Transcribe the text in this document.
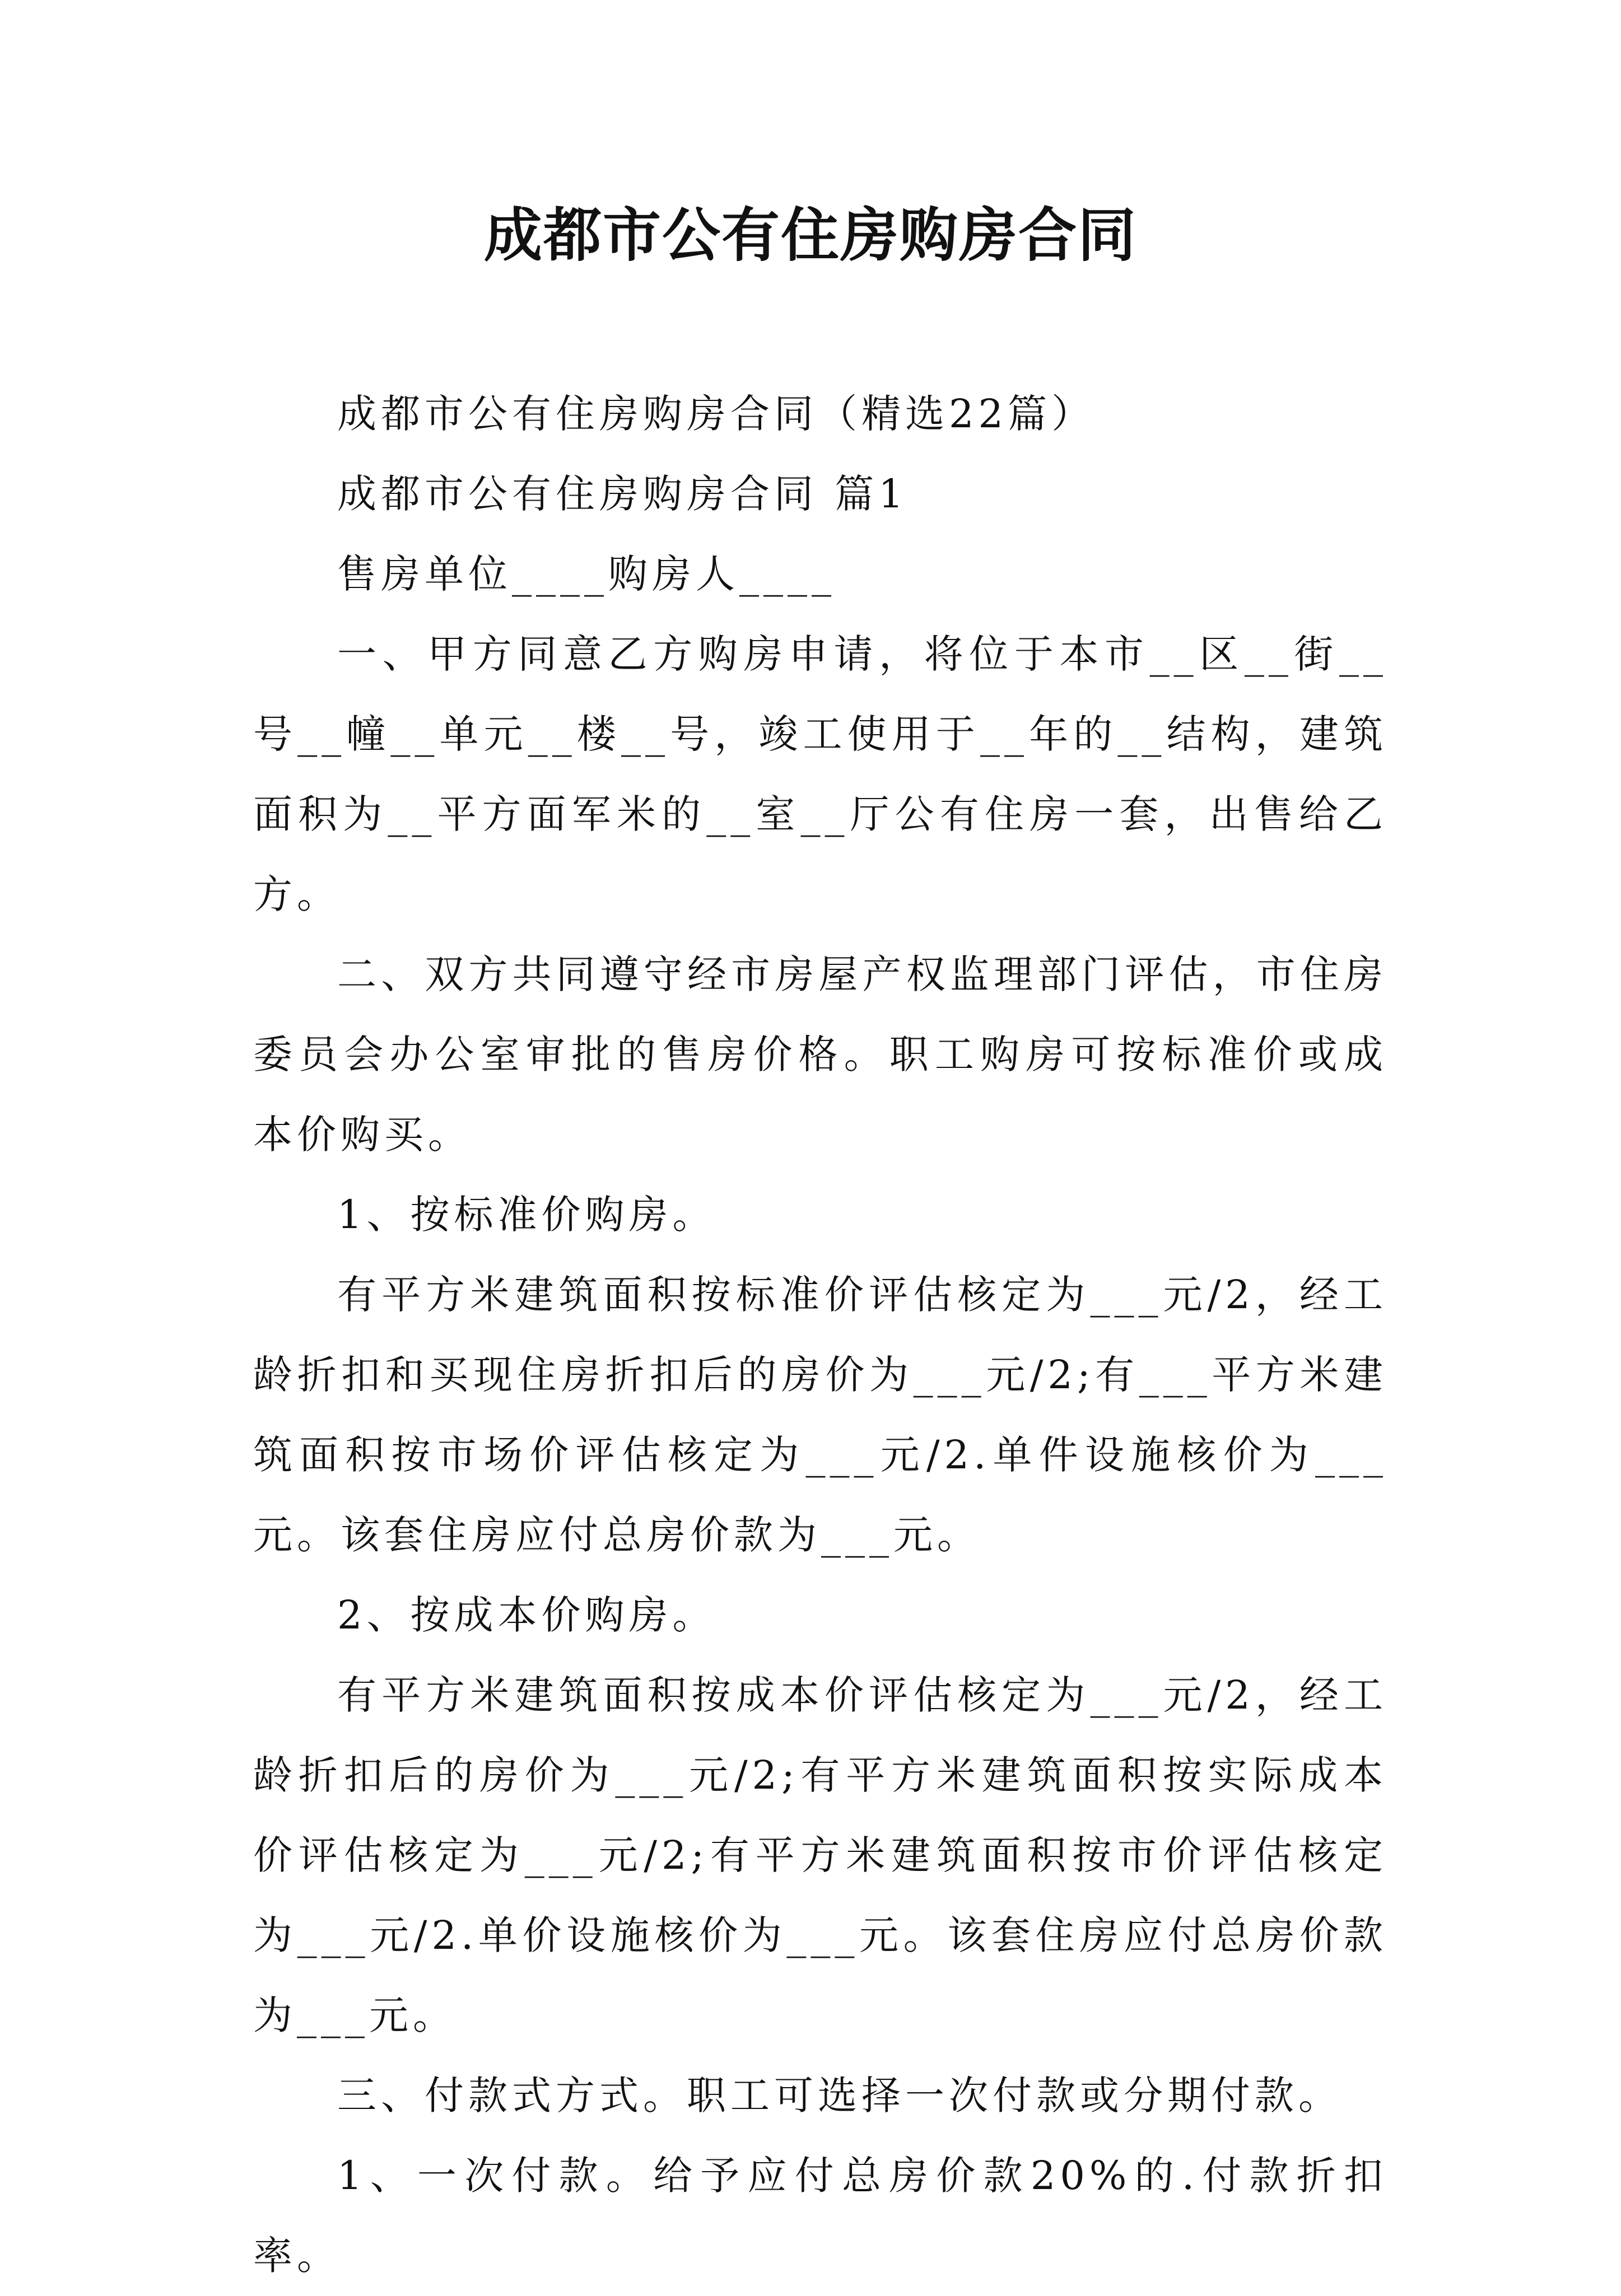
成都市公有住房购房合同

成都市公有住房购房合同（精选22篇）

成都市公有住房购房合同 篇1

售房单位____购房人____

一、甲方同意乙方购房申请，将位于本市__区__街__号__幢__单元__楼__号，竣工使用于__年的__结构，建筑面积为__平方面军米的__室__厅公有住房一套，出售给乙方。

二、双方共同遵守经市房屋产权监理部门评估，市住房委员会办公室审批的售房价格。职工购房可按标准价或成本价购买。

1、按标准价购房。

有平方米建筑面积按标准价评估核定为___元/2，经工龄折扣和买现住房折扣后的房价为___元/2;有___平方米建筑面积按市场价评估核定为___元/2.单件设施核价为___元。该套住房应付总房价款为___元。

2、按成本价购房。

有平方米建筑面积按成本价评估核定为___元/2，经工龄折扣后的房价为___元/2;有平方米建筑面积按实际成本价评估核定为___元/2;有平方米建筑面积按市价评估核定为___元/2.单价设施核价为___元。该套住房应付总房价款为___元。

三、付款式方式。职工可选择一次付款或分期付款。

1、一次付款。给予应付总房价款20%的.付款折扣率。
